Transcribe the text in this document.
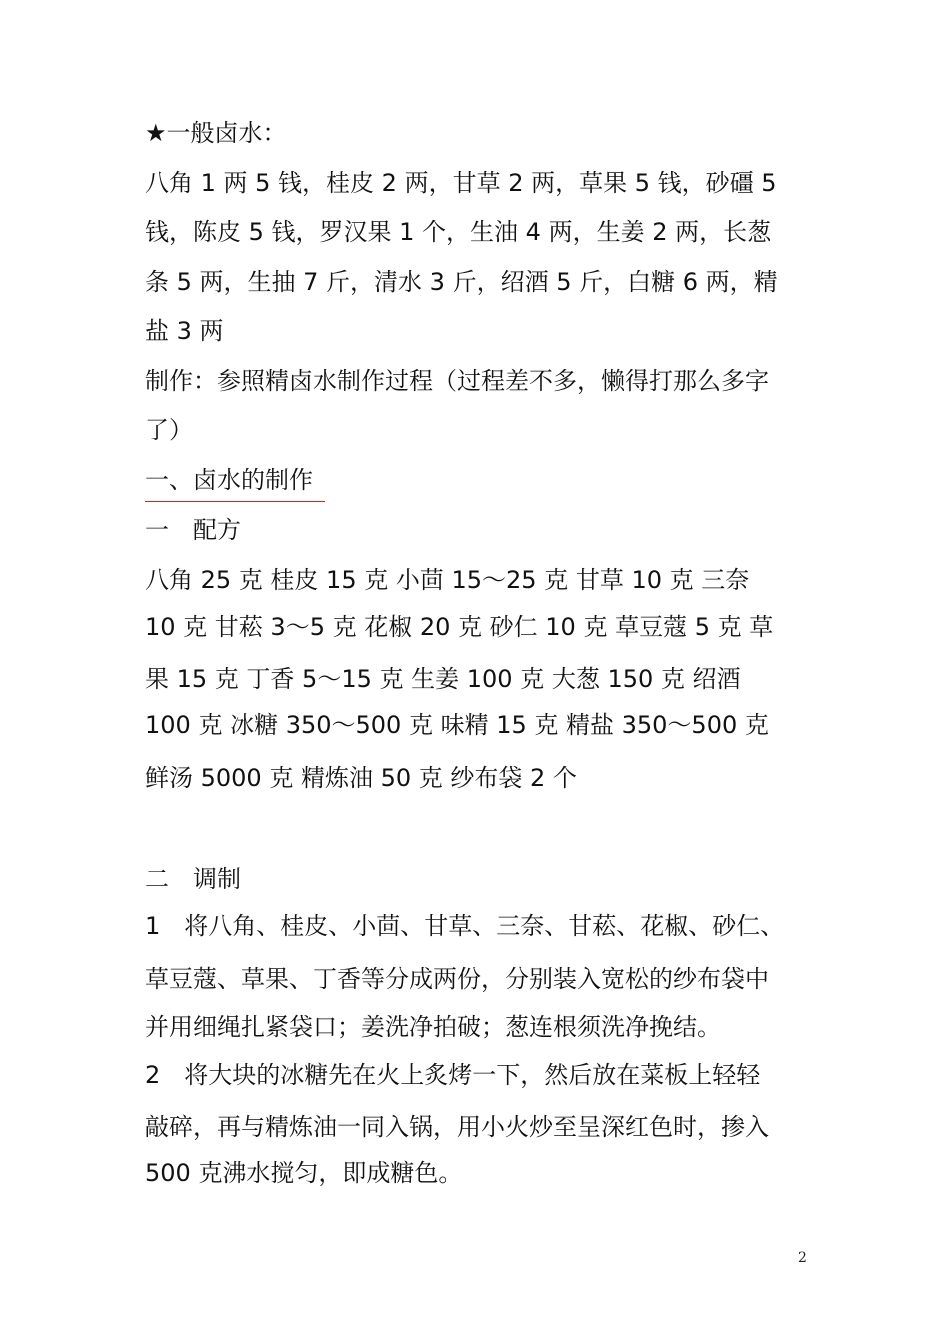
★一般卤水：
八角 1 两 5 钱，桂皮 2 两，甘草 2 两，草果 5 钱，砂礓 5
钱，陈皮 5 钱，罗汉果 1 个，生油 4 两，生姜 2 两，长葱
条 5 两，生抽 7 斤，清水 3 斤，绍酒 5 斤，白糖 6 两，精
盐 3 两
制作：参照精卤水制作过程（过程差不多，懒得打那么多字
了）
一、卤水的制作
一　配方
八角 25 克 桂皮 15 克 小茴 15～25 克 甘草 10 克 三奈
10 克 甘菘 3～5 克 花椒 20 克 砂仁 10 克 草豆蔻 5 克 草
果 15 克 丁香 5～15 克 生姜 100 克 大葱 150 克 绍酒
100 克 冰糖 350～500 克 味精 15 克 精盐 350～500 克
鲜汤 5000 克 精炼油 50 克 纱布袋 2 个
二　调制
1　将八角、桂皮、小茴、甘草、三奈、甘菘、花椒、砂仁、
草豆蔻、草果、丁香等分成两份，分别装入宽松的纱布袋中
并用细绳扎紧袋口；姜洗净拍破；葱连根须洗净挽结。
2　将大块的冰糖先在火上炙烤一下，然后放在菜板上轻轻
敲碎，再与精炼油一同入锅，用小火炒至呈深红色时，掺入
500 克沸水搅匀，即成糖色。
2
